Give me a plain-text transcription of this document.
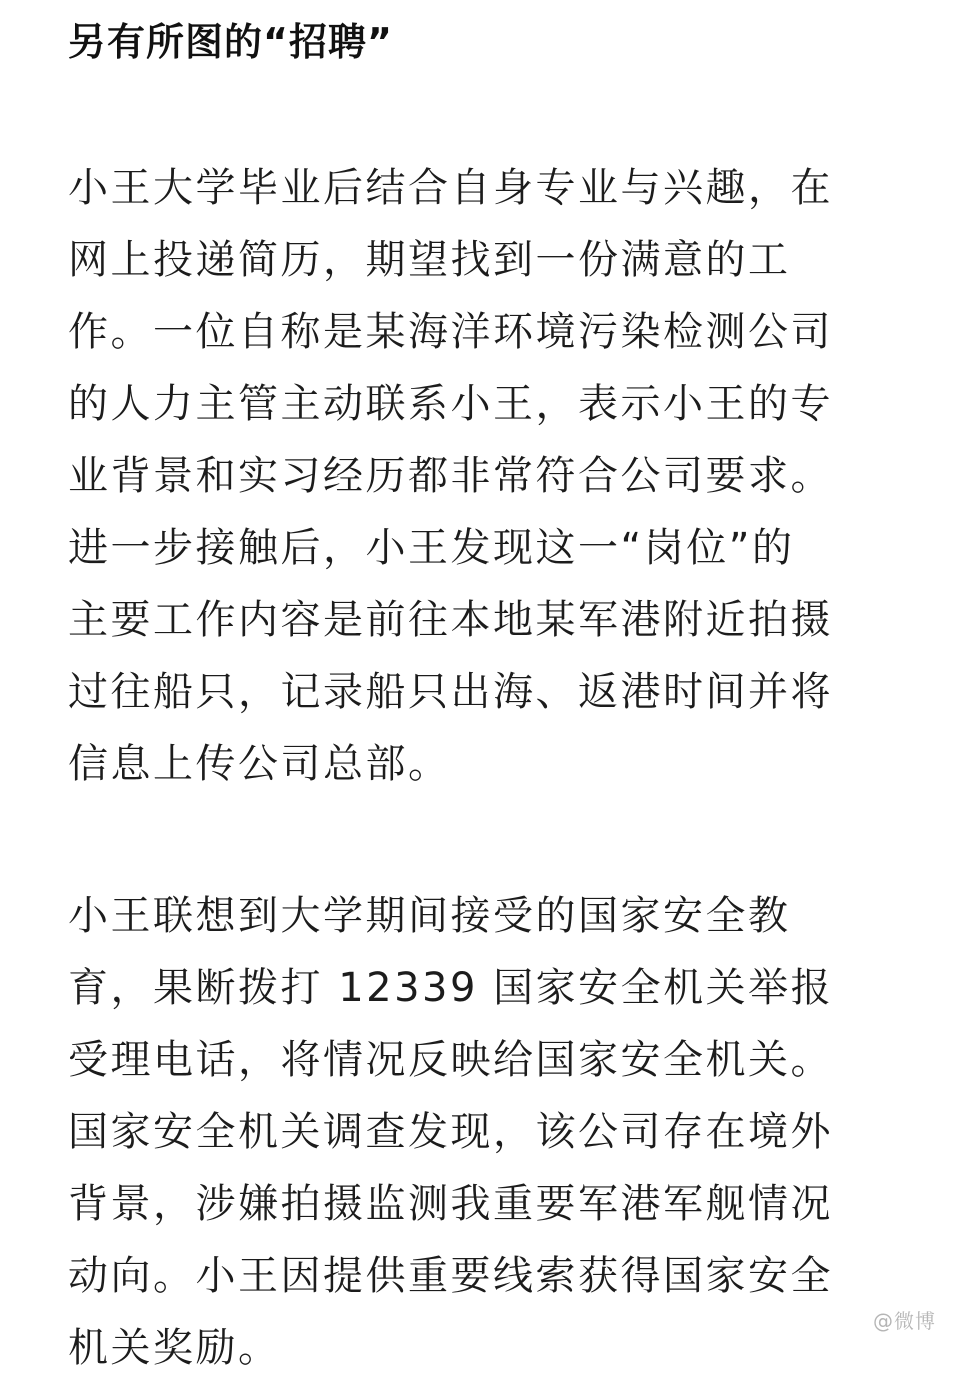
另有所图的“招聘”
小王大学毕业后结合自身专业与兴趣，在
网上投递简历，期望找到一份满意的工
作。一位自称是某海洋环境污染检测公司
的人力主管主动联系小王，表示小王的专
业背景和实习经历都非常符合公司要求。
进一步接触后，小王发现这一“岗位”的
主要工作内容是前往本地某军港附近拍摄
过往船只，记录船只出海、返港时间并将
信息上传公司总部。
小王联想到大学期间接受的国家安全教
育，果断拨打 12339 国家安全机关举报
受理电话，将情况反映给国家安全机关。
国家安全机关调查发现，该公司存在境外
背景，涉嫌拍摄监测我重要军港军舰情况
动向。小王因提供重要线索获得国家安全
机关奖励。
@微博
